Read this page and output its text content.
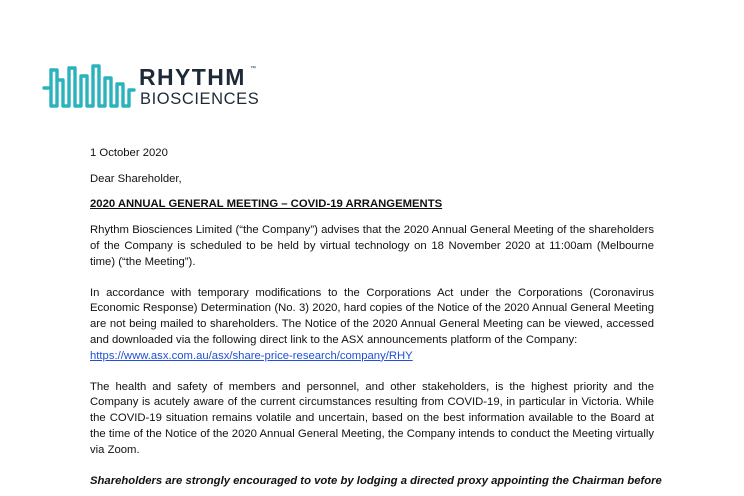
RHYTHM ™
BIOSCIENCES

1 October 2020

Dear Shareholder,

2020 ANNUAL GENERAL MEETING – COVID-19 ARRANGEMENTS

Rhythm Biosciences Limited (“the Company”) advises that the 2020 Annual General Meeting of the shareholders of the Company is scheduled to be held by virtual technology on 18 November 2020 at 11:00am (Melbourne time) (“the Meeting”).

In accordance with temporary modifications to the Corporations Act under the Corporations (Coronavirus Economic Response) Determination (No. 3) 2020, hard copies of the Notice of the 2020 Annual General Meeting are not being mailed to shareholders. The Notice of the 2020 Annual General Meeting can be viewed, accessed and downloaded via the following direct link to the ASX announcements platform of the Company:
https://www.asx.com.au/asx/share-price-research/company/RHY

The health and safety of members and personnel, and other stakeholders, is the highest priority and the Company is acutely aware of the current circumstances resulting from COVID-19, in particular in Victoria. While the COVID-19 situation remains volatile and uncertain, based on the best information available to the Board at the time of the Notice of the 2020 Annual General Meeting, the Company intends to conduct the Meeting virtually via Zoom.

Shareholders are strongly encouraged to vote by lodging a directed proxy appointing the Chairman before
